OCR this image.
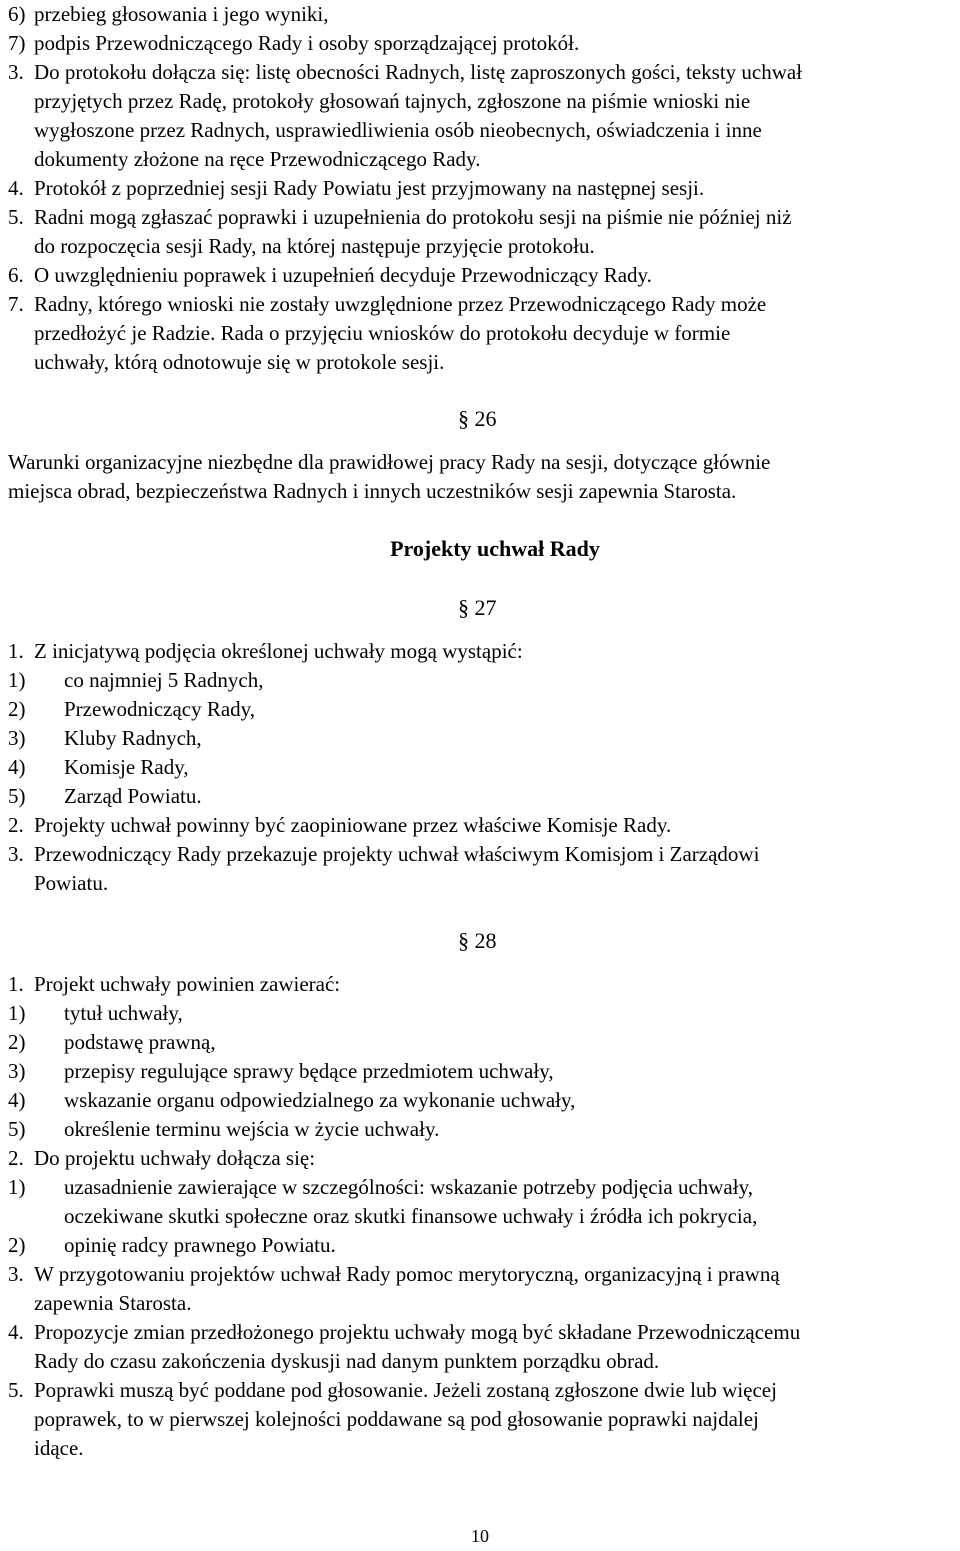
6) przebieg głosowania i jego wyniki,
7) podpis Przewodniczącego Rady i osoby sporządzającej protokół.
3. Do protokołu dołącza się: listę obecności Radnych, listę zaproszonych gości, teksty uchwał
przyjętych przez Radę, protokoły głosowań tajnych, zgłoszone na piśmie wnioski nie
wygłoszone przez Radnych, usprawiedliwienia osób nieobecnych, oświadczenia i inne
dokumenty złożone na ręce Przewodniczącego Rady.
4. Protokół z poprzedniej sesji Rady Powiatu jest przyjmowany na następnej sesji.
5. Radni mogą zgłaszać poprawki i uzupełnienia do protokołu sesji na piśmie nie później niż
do rozpoczęcia sesji Rady, na której następuje przyjęcie protokołu.
6. O uwzględnieniu poprawek i uzupełnień decyduje Przewodniczący Rady.
7. Radny, którego wnioski nie zostały uwzględnione przez Przewodniczącego Rady może
przedłożyć je Radzie. Rada o przyjęciu wniosków do protokołu decyduje w formie
uchwały, którą odnotowuje się w protokole sesji.
§ 26
Warunki organizacyjne niezbędne dla prawidłowej pracy Rady na sesji, dotyczące głównie
miejsca obrad, bezpieczeństwa Radnych i innych uczestników sesji zapewnia Starosta.
Projekty uchwał Rady
§ 27
1. Z inicjatywą podjęcia określonej uchwały mogą wystąpić:
1) co najmniej 5 Radnych,
2) Przewodniczący Rady,
3) Kluby Radnych,
4) Komisje Rady,
5) Zarząd Powiatu.
2. Projekty uchwał powinny być zaopiniowane przez właściwe Komisje Rady.
3. Przewodniczący Rady przekazuje projekty uchwał właściwym Komisjom i Zarządowi
Powiatu.
§ 28
1. Projekt uchwały powinien zawierać:
1) tytuł uchwały,
2) podstawę prawną,
3) przepisy regulujące sprawy będące przedmiotem uchwały,
4) wskazanie organu odpowiedzialnego za wykonanie uchwały,
5) określenie terminu wejścia w życie uchwały.
2. Do projektu uchwały dołącza się:
1) uzasadnienie zawierające w szczególności: wskazanie potrzeby podjęcia uchwały,
oczekiwane skutki społeczne oraz skutki finansowe uchwały i źródła ich pokrycia,
2) opinię radcy prawnego Powiatu.
3. W przygotowaniu projektów uchwał Rady pomoc merytoryczną, organizacyjną i prawną
zapewnia Starosta.
4. Propozycje zmian przedłożonego projektu uchwały mogą być składane Przewodniczącemu
Rady do czasu zakończenia dyskusji nad danym punktem porządku obrad.
5. Poprawki muszą być poddane pod głosowanie. Jeżeli zostaną zgłoszone dwie lub więcej
poprawek, to w pierwszej kolejności poddawane są pod głosowanie poprawki najdalej
idące.
10
